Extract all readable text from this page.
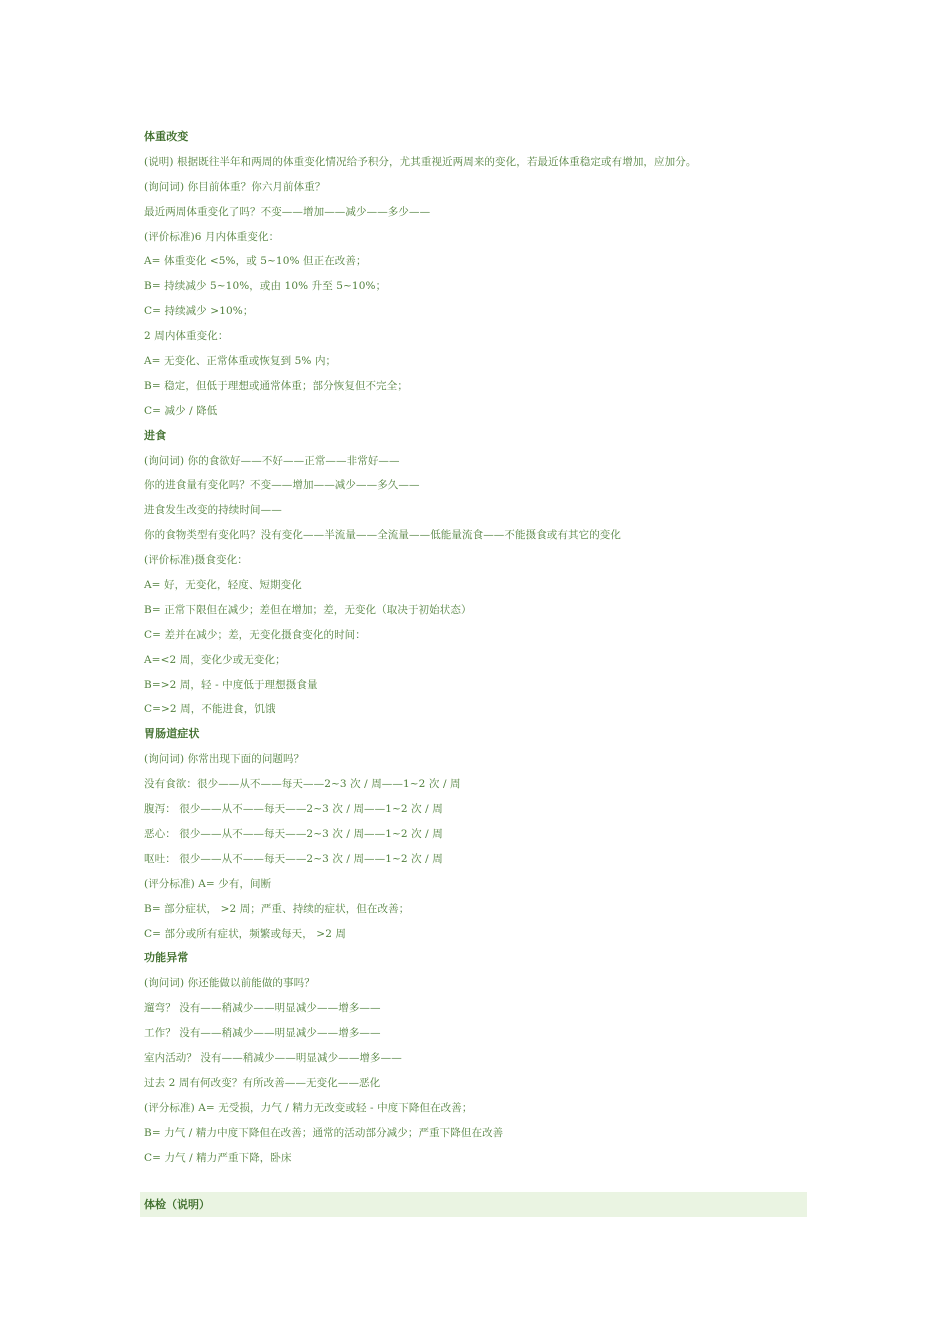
体重改变
(说明) 根据既往半年和两周的体重变化情况给予积分，尤其重视近两周来的变化，若最近体重稳定或有增加，应加分。
(询问词) 你目前体重？你六月前体重？
最近两周体重变化了吗？不变——增加——减少——多少——
(评价标准)6 月内体重变化：
A= 体重变化 <5%，或 5~10% 但正在改善；
B= 持续减少 5~10%，或由 10% 升至 5~10%；
C= 持续减少 >10%；
2 周内体重变化：
A= 无变化、正常体重或恢复到 5% 内；
B= 稳定，但低于理想或通常体重；部分恢复但不完全；
C= 减少 / 降低
进食
(询问词) 你的食欲好——不好——正常——非常好——
你的进食量有变化吗？不变——增加——减少——多久——
进食发生改变的持续时间——
你的食物类型有变化吗？没有变化——半流量——全流量——低能量流食——不能摄食或有其它的变化
(评价标准)摄食变化：
A= 好，无变化，轻度、短期变化
B= 正常下限但在减少；差但在增加；差，无变化（取决于初始状态）
C= 差并在减少；差，无变化摄食变化的时间：
A=<2 周，变化少或无变化；
B=>2 周，轻 - 中度低于理想摄食量
C=>2 周，不能进食，饥饿
胃肠道症状
(询问词) 你常出现下面的问题吗？
没有食欲：很少——从不——每天——2~3 次 / 周——1~2 次 / 周
腹泻： 很少——从不——每天——2~3 次 / 周——1~2 次 / 周
恶心： 很少——从不——每天——2~3 次 / 周——1~2 次 / 周
呕吐： 很少——从不——每天——2~3 次 / 周——1~2 次 / 周
(评分标准) A= 少有，间断
B= 部分症状， >2 周；严重、持续的症状，但在改善；
C= 部分或所有症状，频繁或每天， >2 周
功能异常
(询问词) 你还能做以前能做的事吗？
遛弯？ 没有——稍减少——明显减少——增多——
工作？ 没有——稍减少——明显减少——增多——
室内活动？ 没有——稍减少——明显减少——增多——
过去 2 周有何改变？有所改善——无变化——恶化
(评分标准) A= 无受损，力气 / 精力无改变或轻 - 中度下降但在改善；
B= 力气 / 精力中度下降但在改善；通常的活动部分减少；严重下降但在改善
C= 力气 / 精力严重下降，卧床
体检（说明）
